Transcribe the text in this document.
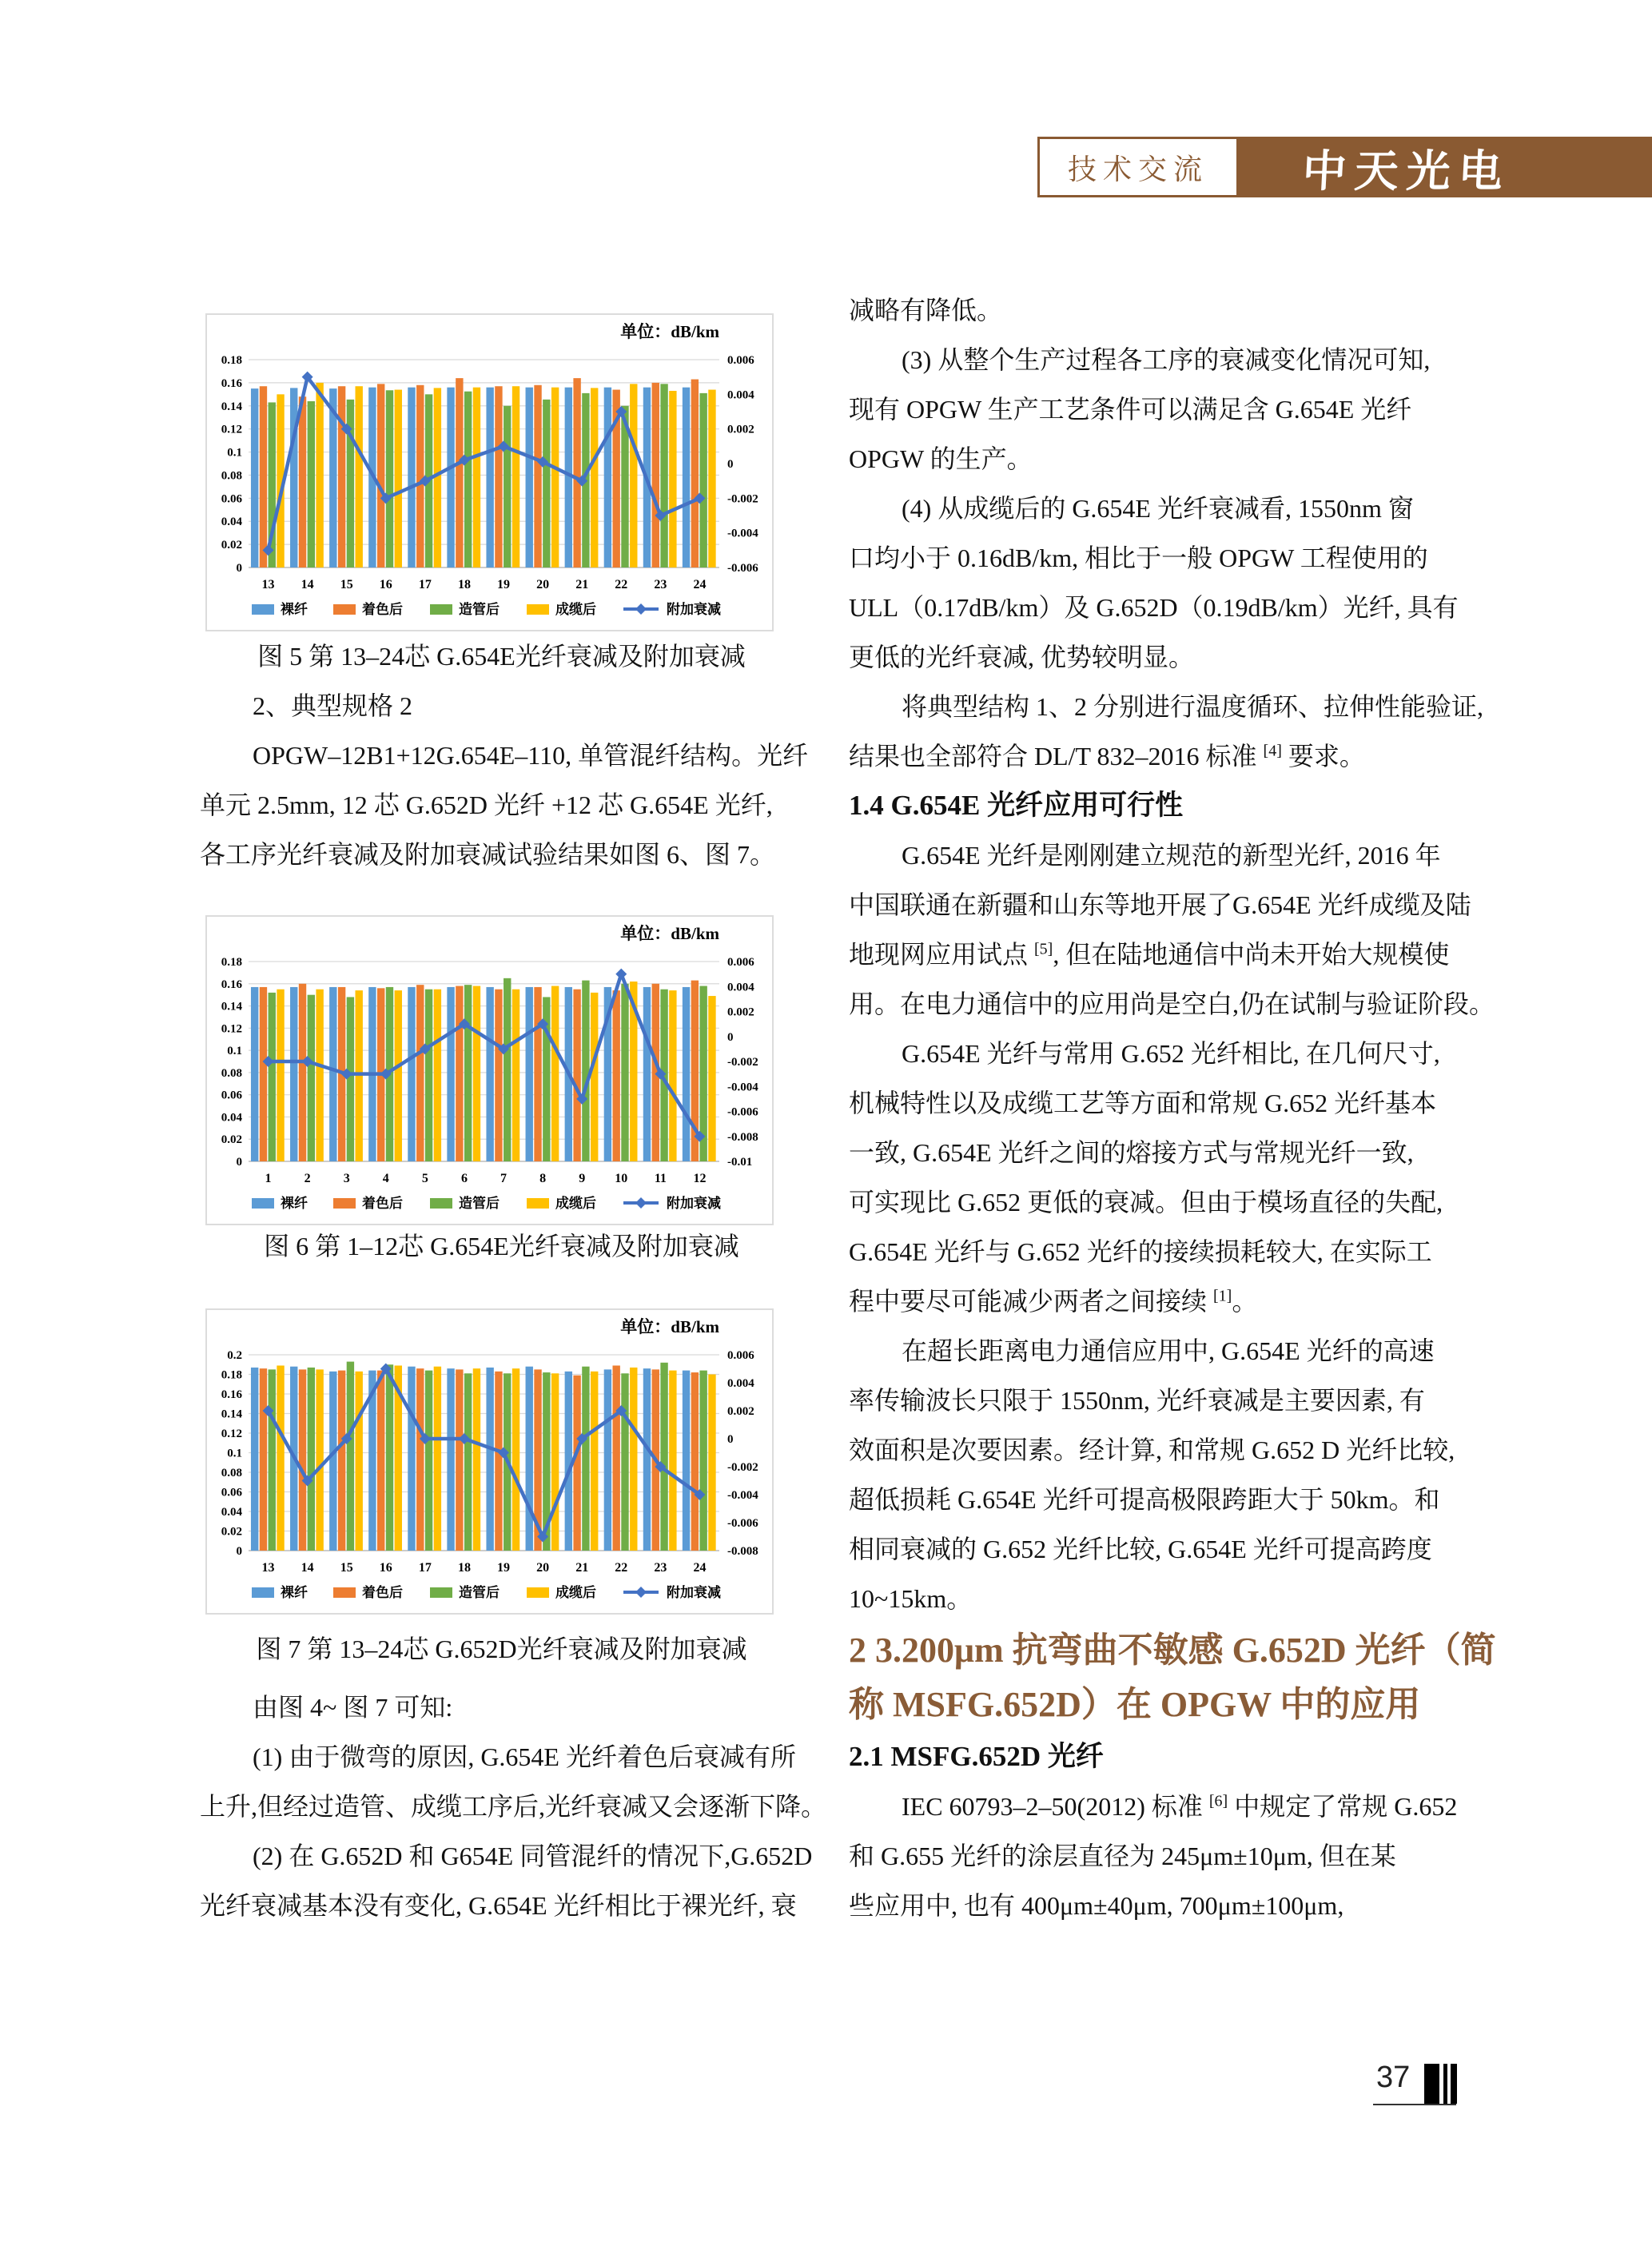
技术交流 中天光电
0.18
0.16
0.14
0.12
0.1
0.08
0.06
0.04
0.02
0
0.006
0.004
0.002
0
-0.002
-0.004
-0.006
13 14 15 16 17 18 19 20 21 22 23 24
单位：dB/km
裸纤	着色后	造管后	成缆后	附加衰减
0.18
0.16
0.14
0.12
0.1
0.08
0.06
0.04
0.02
0
0.006
0.004
0.002
0
-0.002
-0.004
-0.006
-0.008
-0.01
1	2	3	4	5	6	7	8	9 10 11 12
单位：dB/km
裸纤	着色后	造管后	成缆后	附加衰减
0.2
0.18
0.16
0.14
0.12
0.1
0.08
0.06
0.04
0.02
0
0.006
0.004
0.002
0
-0.002
-0.004
-0.006
-0.008
13 14 15 16 17 18 19 20 21 22 23 24
单位：dB/km
裸纤	着色后	造管后	成缆后	附加衰减
图 5 第 13–24芯 G.654E光纤衰减及附加衰减
2、典型规格 2
OPGW–12B1+12G.654E–110, 单管混纤结构。光纤
单元 2.5mm, 12 芯 G.652D 光纤 +12 芯 G.654E 光纤,
各工序光纤衰减及附加衰减试验结果如图 6、图 7。
图 6 第 1–12芯 G.654E光纤衰减及附加衰减
图 7 第 13–24芯 G.652D光纤衰减及附加衰减
由图 4~ 图 7 可知:
(1) 由于微弯的原因, G.654E 光纤着色后衰减有所
上升,但经过造管、成缆工序后,光纤衰减又会逐渐下降。
(2) 在 G.652D 和 G654E 同管混纤的情况下,G.652D
光纤衰减基本没有变化, G.654E 光纤相比于裸光纤, 衰
减略有降低。
(3) 从整个生产过程各工序的衰减变化情况可知,
现有 OPGW 生产工艺条件可以满足含 G.654E 光纤
OPGW 的生产。
(4) 从成缆后的 G.654E 光纤衰减看, 1550nm 窗
口均小于 0.16dB/km, 相比于一般 OPGW 工程使用的
ULL（0.17dB/km）及 G.652D（0.19dB/km）光纤, 具有
更低的光纤衰减, 优势较明显。
将典型结构 1、2 分别进行温度循环、拉伸性能验证,
结果也全部符合 DL/T 832–2016 标准 [4] 要求。
1.4 G.654E 光纤应用可行性
G.654E 光纤是刚刚建立规范的新型光纤, 2016 年
中国联通在新疆和山东等地开展了G.654E 光纤成缆及陆
地现网应用试点 [5], 但在陆地通信中尚未开始大规模使
用。在电力通信中的应用尚是空白,仍在试制与验证阶段。
G.654E 光纤与常用 G.652 光纤相比, 在几何尺寸,
机械特性以及成缆工艺等方面和常规 G.652 光纤基本
一致, G.654E 光纤之间的熔接方式与常规光纤一致,
可实现比 G.652 更低的衰减。但由于模场直径的失配,
G.654E 光纤与 G.652 光纤的接续损耗较大, 在实际工
程中要尽可能减少两者之间接续 [1]。
在超长距离电力通信应用中, G.654E 光纤的高速
率传输波长只限于 1550nm, 光纤衰减是主要因素, 有
效面积是次要因素。经计算, 和常规 G.652 D 光纤比较,
超低损耗 G.654E 光纤可提高极限跨距大于 50km。和
相同衰减的 G.652 光纤比较, G.654E 光纤可提高跨度
10~15km。
2 3.200μm 抗弯曲不敏感 G.652D 光纤（简
称 MSFG.652D）在 OPGW 中的应用
2.1 MSFG.652D 光纤
IEC 60793–2–50(2012) 标准 [6] 中规定了常规 G.652
和 G.655 光纤的涂层直径为 245μm±10μm, 但在某
些应用中, 也有 400μm±40μm, 700μm±100μm,
37
